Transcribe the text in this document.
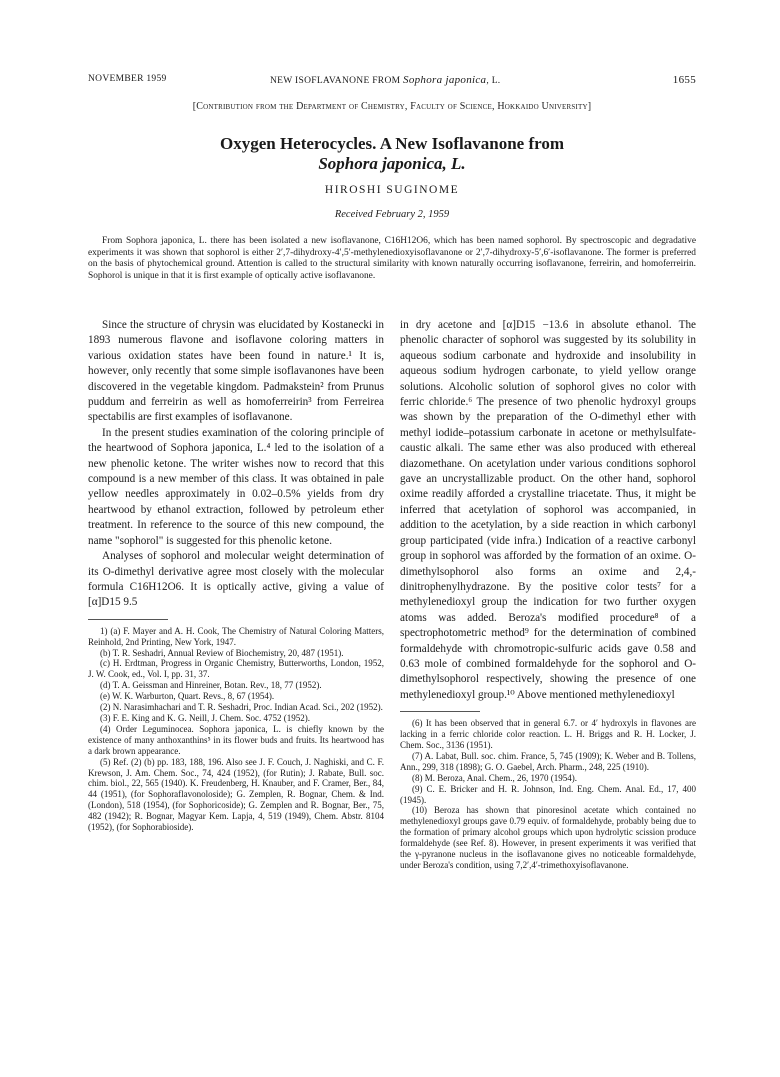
NOVEMBER 1959	NEW ISOFLAVANONE FROM Sophora japonica, L.	1655
[Contribution from the Department of Chemistry, Faculty of Science, Hokkaido University]
Oxygen Heterocycles. A New Isoflavanone from
Sophora japonica, L.
HIROSHI SUGINOME
Received February 2, 1959

From Sophora japonica, L. there has been isolated a new isoflavanone, C16H12O6, which has been named sophorol. By spectroscopic and degradative experiments it was shown that sophorol is either 2′,7-dihydroxy-4′,5′-methylenedioxyisoflavanone or 2′,7-dihydroxy-5′,6′-isoflavanone. The former is preferred on the basis of phytochemical ground. Attention is called to the structural similarity with known naturally occurring isoflavanone, ferreirin, and homoferreirin. Sophorol is unique in that it is first example of optically active isoflavanone.

Since the structure of chrysin was elucidated by Kostanecki in 1893 numerous flavone and isoflavone coloring matters in various oxidation states have been found in nature.¹ It is, however, only recently that some simple isoflavanones have been discovered in the vegetable kingdom. Padmakstein² from Prunus puddum and ferreirin as well as homoferreirin³ from Ferreirea spectabilis are first examples of isoflavanone.

In the present studies examination of the coloring principle of the heartwood of Sophora japonica, L.⁴ led to the isolation of a new phenolic ketone. The writer wishes now to record that this compound is a new member of this class. It was obtained in pale yellow needles approximately in 0.02–0.5% yields from dry heartwood by ethanol extraction, followed by petroleum ether treatment. In reference to the source of this new compound, the name "sophorol" is suggested for this phenolic ketone.

Analyses of sophorol and molecular weight determination of its O-dimethyl derivative agree most closely with the molecular formula C16H12O6. It is optically active, giving a value of [α]D15 9.5

1) (a) F. Mayer and A. H. Cook, The Chemistry of Natural Coloring Matters, Reinhold, 2nd Printing, New York, 1947.

(b) T. R. Seshadri, Annual Review of Biochemistry, 20, 487 (1951).

(c) H. Erdtman, Progress in Organic Chemistry, Butterworths, London, 1952, J. W. Cook, ed., Vol. I, pp. 31, 37.

(d) T. A. Geissman and Hinreiner, Botan. Rev., 18, 77 (1952).

(e) W. K. Warburton, Quart. Revs., 8, 67 (1954).

(2) N. Narasimhachari and T. R. Seshadri, Proc. Indian Acad. Sci., 202 (1952).

(3) F. E. King and K. G. Neill, J. Chem. Soc. 4752 (1952).

(4) Order Leguminoceа. Sophora japonica, L. is chiefly known by the existence of many anthoxanthins⁵ in its flower buds and fruits. Its heartwood has a dark brown appearance.

(5) Ref. (2) (b) pp. 183, 188, 196. Also see J. F. Couch, J. Naghiski, and C. F. Krewson, J. Am. Chem. Soc., 74, 424 (1952), (for Rutin); J. Rabate, Bull. soc. chim. biol., 22, 565 (1940). K. Freudenberg, H. Knauber, and F. Cramer, Ber., 84, 44 (1951), (for Sophoraflavonoloside); G. Zemplen, R. Bognar, Chem. & Ind. (London), 518 (1954), (for Sophoricoside); G. Zemplen and R. Bognar, Ber., 75, 482 (1942); R. Bognar, Magyar Kem. Lapja, 4, 519 (1949), Chem. Abstr. 8104 (1952), (for Sophorabioside).

in dry acetone and [α]D15 −13.6 in absolute ethanol. The phenolic character of sophorol was suggested by its solubility in aqueous sodium carbonate and hydroxide and insolubility in aqueous sodium hydrogen carbonate, to yield yellow orange solutions. Alcoholic solution of sophorol gives no color with ferric chloride.⁶ The presence of two phenolic hydroxyl groups was shown by the preparation of the O-dimethyl ether with methyl iodide–potassium carbonate in acetone or methylsulfate-caustic alkali. The same ether was also produced with ethereal diazomethane. On acetylation under various conditions sophorol gave an uncrystallizable product. On the other hand, sophorol oxime readily afforded a crystalline triacetate. Thus, it might be inferred that acetylation of sophorol was accompanied, in addition to the acetylation, by a side reaction in which carbonyl group participated (vide infra.) Indication of a reactive carbonyl group in sophorol was afforded by the formation of an oxime. O-dimethylsophorol also forms an oxime and 2,4,-dinitrophenylhydrazone. By the positive color tests⁷ for a methylenedioxyl group the indication for two further oxygen atoms was added. Beroza's modified procedure⁸ of a spectrophotometric method⁹ for the determination of combined formaldehyde with chromotropic-sulfuric acids gave 0.58 and 0.63 mole of combined formaldehyde for the sophorol and O-dimethylsophorol respectively, showing the presence of one methylenedioxyl group.¹⁰ Above mentioned methylenedioxyl

(6) It has been observed that in general 6.7. or 4′ hydroxyls in flavones are lacking in a ferric chloride color reaction. L. H. Briggs and R. H. Locker, J. Chem. Soc., 3136 (1951).

(7) A. Labat, Bull. soc. chim. France, 5, 745 (1909); K. Weber and B. Tollens, Ann., 299, 318 (1898); G. O. Gaebel, Arch. Pharm., 248, 225 (1910).

(8) M. Beroza, Anal. Chem., 26, 1970 (1954).

(9) C. E. Bricker and H. R. Johnson, Ind. Eng. Chem. Anal. Ed., 17, 400 (1945).

(10) Beroza has shown that pinoresinol acetate which contained no methylenedioxyl groups gave 0.79 equiv. of formaldehyde, probably being due to the formation of primary alcohol groups which upon hydrolytic scission produce formaldehyde (see Ref. 8). However, in present experiments it was verified that the γ-pyranone nucleus in the isoflavanone gives no noticeable formaldehyde, under Beroza's condition, using 7,2′,4′-trimethoxyisoflavanone.
